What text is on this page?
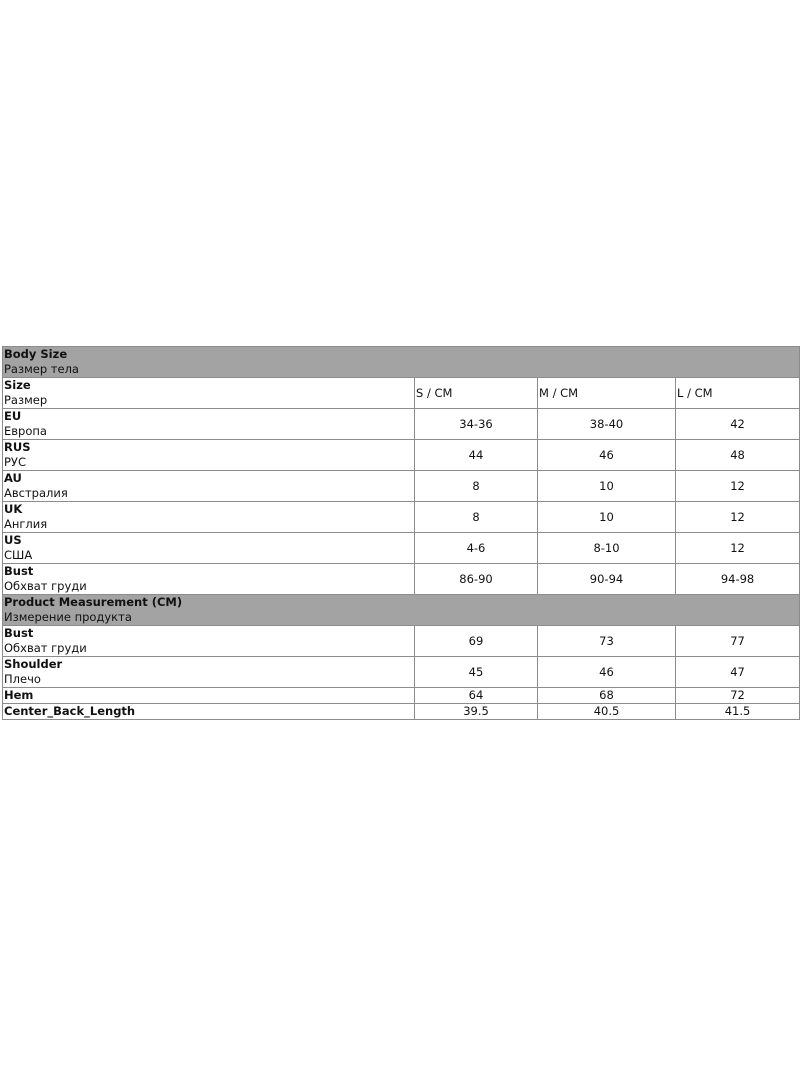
Body Size
Размер тела			

Size
Размер	S / CM	M / CM	L / CM

EU
Европа	34-36	38-40	42

RUS
РУС	44	46	48

AU
Австралия	8	10	12

UK
Англия	8	10	12

US
США	4-6	8-10	12

Bust
Обхват груди	86-90	90-94	94-98

Product Measurement (CM)
Измерение продукта			

Bust
Обхват груди	69	73	77

Shoulder
Плечо	45	46	47

Hem	64	68	72

Center_Back_Length	39.5	40.5	41.5
